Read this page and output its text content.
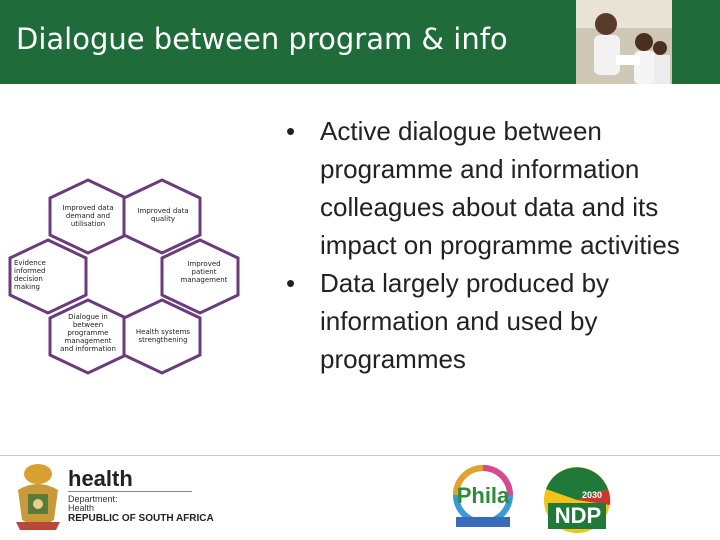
Dialogue between program & info
Improved data demand and utilisation
Improved data quality
Evidence informed decision making
Improved patient management
Dialogue in between programme management and information
Health systems strengthening
• Active dialogue between programme and information colleagues about data and its impact on programme activities
• Data largely produced by information and used by programmes
health
Department:
Health
REPUBLIC OF SOUTH AFRICA
Phila	2030
NDP
